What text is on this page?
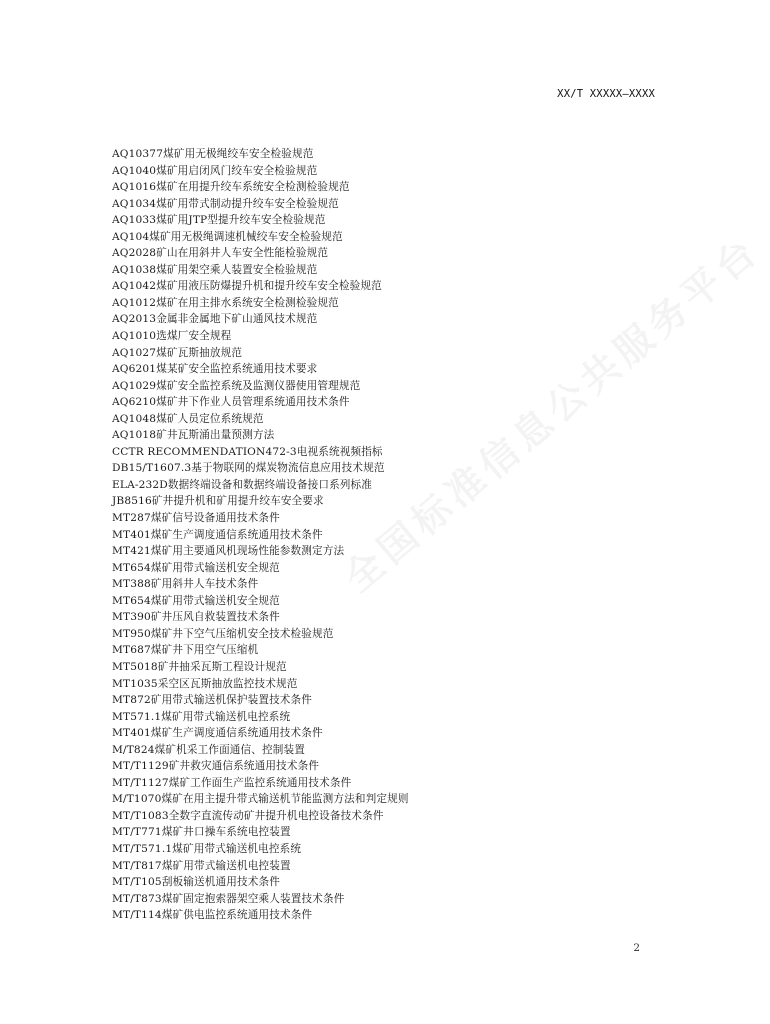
XX/T XXXXX—XXXX
全国标准信息公共服务平台
AQ10377煤矿用无极绳绞车安全检验规范
AQ1040煤矿用启闭风门绞车安全检验规范
AQ1016煤矿在用提升绞车系统安全检测检验规范
AQ1034煤矿用带式制动提升绞车安全检验规范
AQ1033煤矿用JTP型提升绞车安全检验规范
AQ104煤矿用无极绳调速机械绞车安全检验规范
AQ2028矿山在用斜井人车安全性能检验规范
AQ1038煤矿用架空乘人装置安全检验规范
AQ1042煤矿用液压防爆提升机和提升绞车安全检验规范
AQ1012煤矿在用主排水系统安全检测检验规范
AQ2013金属非金属地下矿山通风技术规范
AQ1010选煤厂安全规程
AQ1027煤矿瓦斯抽放规范
AQ6201煤某矿安全监控系统通用技术要求
AQ1029煤矿安全监控系统及监测仪器使用管理规范
AQ6210煤矿井下作业人员管理系统通用技术条件
AQ1048煤矿人员定位系统规范
AQ1018矿井瓦斯涌出量预测方法
CCTR RECOMMENDATION472-3电视系统视频指标
DB15/T1607.3基于物联网的煤炭物流信息应用技术规范
ELA-232D数据终端设备和数据终端设备接口系列标准
JB8516矿井提升机和矿用提升绞车安全要求
MT287煤矿信号设备通用技术条件
MT401煤矿生产调度通信系统通用技术条件
MT421煤矿用主要通风机现场性能参数测定方法
MT654煤矿用带式输送机安全规范
MT388矿用斜井人车技术条件
MT654煤矿用带式输送机安全规范
MT390矿井压风自救装置技术条件
MT950煤矿井下空气压缩机安全技术检验规范
MT687煤矿井下用空气压缩机
MT5018矿井抽采瓦斯工程设计规范
MT1035采空区瓦斯抽放监控技术规范
MT872矿用带式输送机保护装置技术条件
MT571.1煤矿用带式输送机电控系统
MT401煤矿生产调度通信系统通用技术条件
M/T824煤矿机采工作面通信、控制装置
MT/T1129矿井救灾通信系统通用技术条件
MT/T1127煤矿工作面生产监控系统通用技术条件
M/T1070煤矿在用主提升带式输送机节能监测方法和判定规则
MT/T1083全数字直流传动矿井提升机电控设备技术条件
MT/T771煤矿井口操车系统电控装置
MT/T571.1煤矿用带式输送机电控系统
MT/T817煤矿用带式输送机电控装置
MT/T105刮板输送机通用技术条件
MT/T873煤矿固定抱索器架空乘人装置技术条件
MT/T114煤矿供电监控系统通用技术条件
2
